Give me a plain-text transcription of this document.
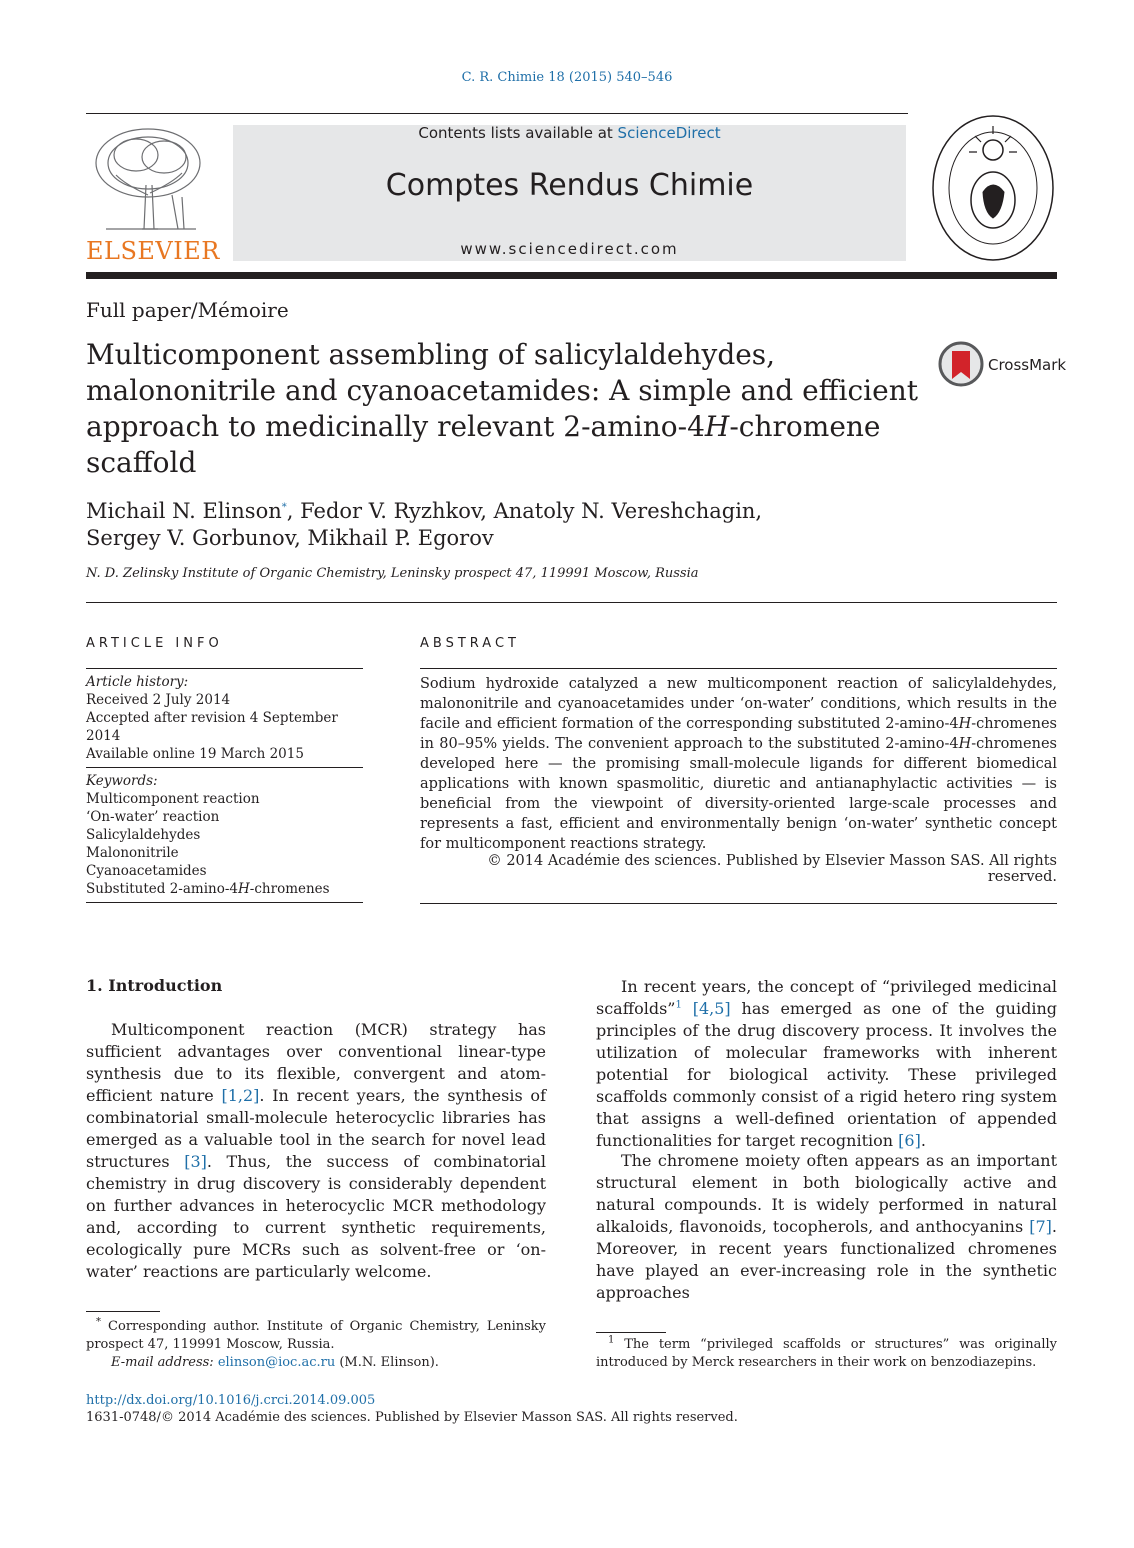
C. R. Chimie 18 (2015) 540–546
ELSEVIER
Contents lists available at ScienceDirect
Comptes Rendus Chimie
www.sciencedirect.com
Full paper/Mémoire
Multicomponent assembling of salicylaldehydes, malononitrile and cyanoacetamides: A simple and efficient approach to medicinally relevant 2-amino-4H-chromene scaffold
CrossMark
Michail N. Elinson*, Fedor V. Ryzhkov, Anatoly N. Vereshchagin,
Sergey V. Gorbunov, Mikhail P. Egorov
N. D. Zelinsky Institute of Organic Chemistry, Leninsky prospect 47, 119991 Moscow, Russia
ARTICLE INFO
Article history:
Received 2 July 2014
Accepted after revision 4 September 2014
Available online 19 March 2015
Keywords:
Multicomponent reaction
‘On-water’ reaction
Salicylaldehydes
Malononitrile
Cyanoacetamides
Substituted 2-amino-4H-chromenes
ABSTRACT
Sodium hydroxide catalyzed a new multicomponent reaction of salicylaldehydes, malononitrile and cyanoacetamides under ‘on-water’ conditions, which results in the facile and efficient formation of the corresponding substituted 2-amino-4H-chromenes in 80–95% yields. The convenient approach to the substituted 2-amino-4H-chromenes developed here — the promising small-molecule ligands for different biomedical applications with known spasmolitic, diuretic and antianaphylactic activities — is beneficial from the viewpoint of diversity-oriented large-scale processes and represents a fast, efficient and environmentally benign ‘on-water’ synthetic concept for multicomponent reactions strategy.
© 2014 Académie des sciences. Published by Elsevier Masson SAS. All rights reserved.
1. Introduction
Multicomponent reaction (MCR) strategy has sufficient advantages over conventional linear-type synthesis due to its flexible, convergent and atom-efficient nature [1,2]. In recent years, the synthesis of combinatorial small-molecule heterocyclic libraries has emerged as a valuable tool in the search for novel lead structures [3]. Thus, the success of combinatorial chemistry in drug discovery is considerably dependent on further advances in heterocyclic MCR methodology and, according to current synthetic requirements, ecologically pure MCRs such as solvent-free or ‘on-water’ reactions are particularly welcome.
In recent years, the concept of “privileged medicinal scaffolds”$^1$ [4,5] has emerged as one of the guiding principles of the drug discovery process. It involves the utilization of molecular frameworks with inherent potential for biological activity. These privileged scaffolds commonly consist of a rigid hetero ring system that assigns a well-defined orientation of appended functionalities for target recognition [6].
The chromene moiety often appears as an important structural element in both biologically active and natural compounds. It is widely performed in natural alkaloids, flavonoids, tocopherols, and anthocyanins [7]. Moreover, in recent years functionalized chromenes have played an ever-increasing role in the synthetic approaches
* Corresponding author. Institute of Organic Chemistry, Leninsky prospect 47, 119991 Moscow, Russia.
E-mail address: elinson@ioc.ac.ru (M.N. Elinson).
$^1$ The term “privileged scaffolds or structures” was originally introduced by Merck researchers in their work on benzodiazepins.
http://dx.doi.org/10.1016/j.crci.2014.09.005
1631-0748/© 2014 Académie des sciences. Published by Elsevier Masson SAS. All rights reserved.
